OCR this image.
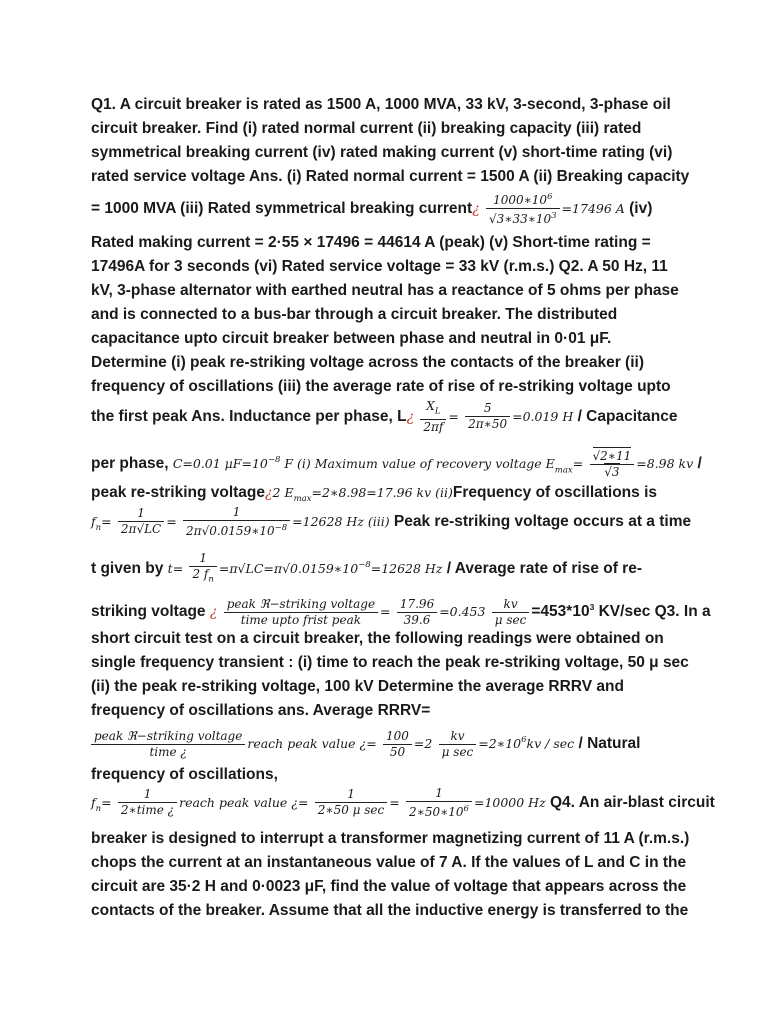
Q1. A circuit breaker is rated as 1500 A, 1000 MVA, 33 kV, 3-second, 3-phase oil
circuit breaker. Find (i) rated normal current (ii) breaking capacity (iii) rated
symmetrical breaking current (iv) rated making current (v) short-time rating (vi)
rated service voltage Ans. (i) Rated normal current = 1500 A (ii) Breaking capacity
= 1000 MVA (iii) Rated symmetrical breaking current¿ $\frac{1000∗10^6}{√3∗33∗10^3} =17496$ A (iv)
Rated making current = 2·55 × 17496 = 44614 A (peak) (v) Short-time rating =
17496A for 3 seconds (vi) Rated service voltage = 33 kV (r.m.s.) Q2. A 50 Hz, 11
kV, 3-phase alternator with earthed neutral has a reactance of 5 ohms per phase
and is connected to a bus-bar through a circuit breaker. The distributed
capacitance upto circuit breaker between phase and neutral in 0·01 μF.
Determine (i) peak re-striking voltage across the contacts of the breaker (ii)
frequency of oscillations (iii) the average rate of rise of re-striking voltage upto
the first peak Ans. Inductance per phase, L¿ $\frac{X_L}{2\pi f} = \frac{5}{2\pi∗50} =0.019$ H / Capacitance
per phase, C=0.01 $\mu F=10^{-8}$ F (i) Maximum value of recovery voltage $E_{max}= \frac{√2∗11}{√3} =8.98$ kv /
peak re-striking voltage¿2 $E_{max}=2∗8.98=17.96$ kv (ii)Frequency of oscillations is
$f_n= \frac{1}{2\pi√LC} = \frac{1}{2\pi√0.0159∗10^{-8}} =12628$ Hz (iii) Peak re-striking voltage occurs at a time
t given by $t= \frac{1}{2 f_n}$ $=\pi√LC=\pi√0.0159∗10^{-8}=12628$ Hz / Average rate of rise of re-
striking voltage ¿ $\frac{\text{peak ℜ−striking voltage}}{\text{time upto frist peak}} = \frac{17.96}{39.6} =0.453 \frac{kv}{\text{μ sec}} =453*10^3$ KV/sec Q3. In a
short circuit test on a circuit breaker, the following readings were obtained on
single frequency transient : (i) time to reach the peak re-striking voltage, 50 μ sec
(ii) the peak re-striking voltage, 100 kV Determine the average RRRV and
frequency of oscillations ans. Average RRRV=
$\frac{\text{peak ℜ−striking voltage}}{\text{time ¿}}$ reach peak value ¿= $\frac{100}{50} =2 \frac{kv}{\text{μ sec}}$ $=2∗10^6kv / \sec$ / Natural
frequency of oscillations,
$f_n= \frac{1}{\text{2∗time ¿}}$ reach peak value ¿= $\frac{1}{\text{2∗50 μ sec}} = \frac{1}{2∗50∗10^6} =10000$ Hz Q4. An air-blast circuit
breaker is designed to interrupt a transformer magnetizing current of 11 A (r.m.s.)
chops the current at an instantaneous value of 7 A. If the values of L and C in the
circuit are 35·2 H and 0·0023 μF, find the value of voltage that appears across the
contacts of the breaker. Assume that all the inductive energy is transferred to the
